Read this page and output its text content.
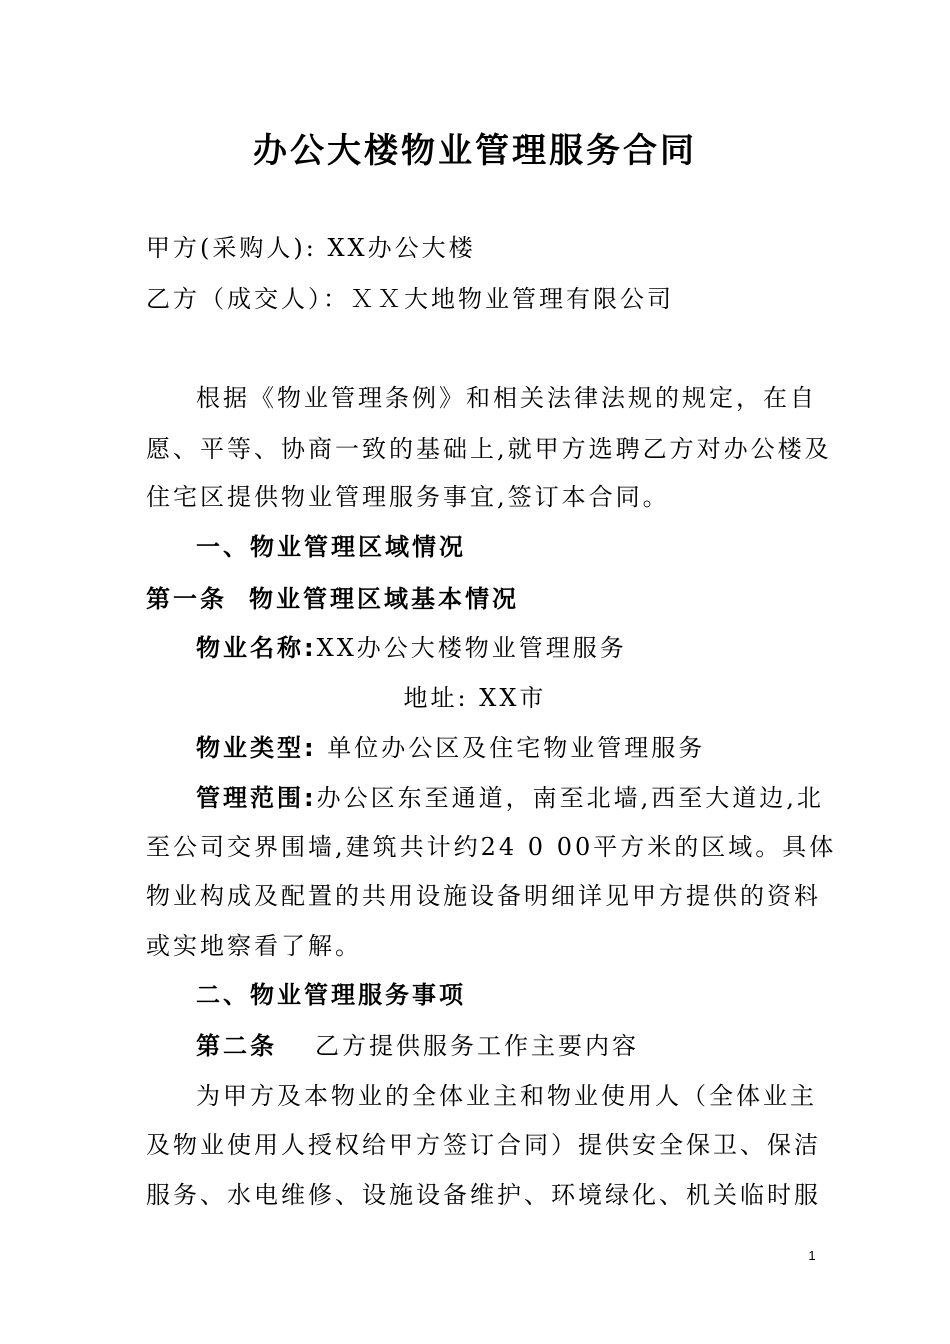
办公大楼物业管理服务合同
甲方(采购人): XX办公大楼
乙方（成交人）：ＸＸ大地物业管理有限公司
根据《物业管理条例》和相关法律法规的规定，在自
愿、平等、协商一致的基础上,就甲方选聘乙方对办公楼及
住宅区提供物业管理服务事宜,签订本合同。
一、物业管理区域情况
第一条 物业管理区域基本情况
物业名称:XX办公大楼物业管理服务
地址: XX市
物业类型: 单位办公区及住宅物业管理服务
管理范围:办公区东至通道，南至北墙,西至大道边,北
至公司交界围墙,建筑共计约24 0 00平方米的区域。具体
物业构成及配置的共用设施设备明细详见甲方提供的资料
或实地察看了解。
二、物业管理服务事项
第二条 乙方提供服务工作主要内容
为甲方及本物业的全体业主和物业使用人（全体业主
及物业使用人授权给甲方签订合同）提供安全保卫、保洁
服务、水电维修、设施设备维护、环境绿化、机关临时服
1
